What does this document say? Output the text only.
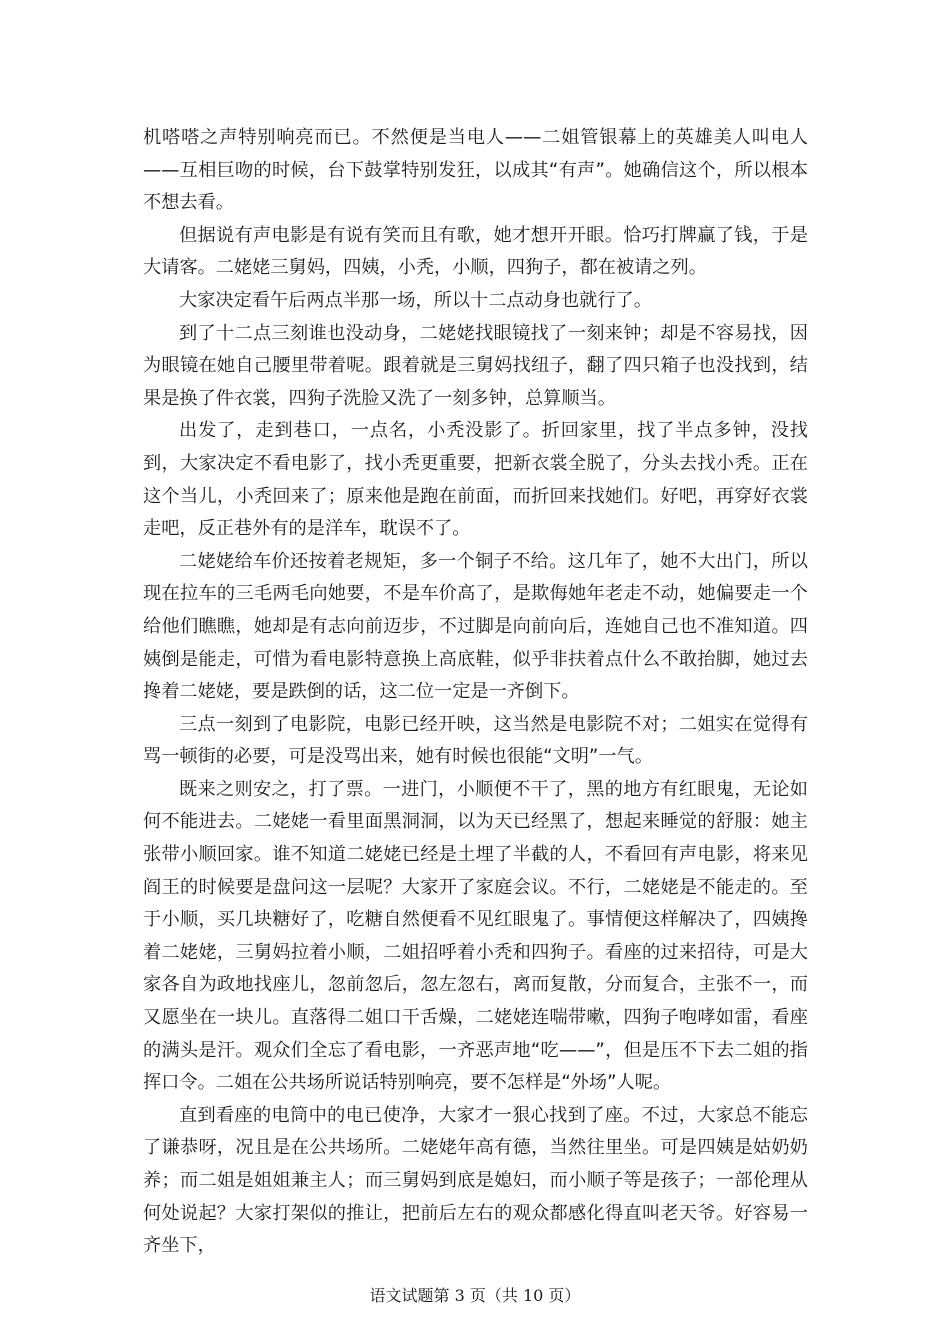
机嗒嗒之声特别响亮而已。不然便是当电人——二姐管银幕上的英雄美人叫电人——互相巨吻的时候，台下鼓掌特别发狂，以成其“有声”。她确信这个，所以根本不想去看。

但据说有声电影是有说有笑而且有歌，她才想开开眼。恰巧打牌赢了钱，于是大请客。二姥姥三舅妈，四姨，小秃，小顺，四狗子，都在被请之列。

大家决定看午后两点半那一场，所以十二点动身也就行了。

到了十二点三刻谁也没动身，二姥姥找眼镜找了一刻来钟；却是不容易找，因为眼镜在她自己腰里带着呢。跟着就是三舅妈找纽子，翻了四只箱子也没找到，结果是换了件衣裳，四狗子洗脸又洗了一刻多钟，总算顺当。

出发了，走到巷口，一点名，小秃没影了。折回家里，找了半点多钟，没找到，大家决定不看电影了，找小秃更重要，把新衣裳全脱了，分头去找小秃。正在这个当儿，小秃回来了；原来他是跑在前面，而折回来找她们。好吧，再穿好衣裳走吧，反正巷外有的是洋车，耽误不了。

二姥姥给车价还按着老规矩，多一个铜子不给。这几年了，她不大出门，所以现在拉车的三毛两毛向她要，不是车价高了，是欺侮她年老走不动，她偏要走一个给他们瞧瞧，她却是有志向前迈步，不过脚是向前向后，连她自己也不准知道。四姨倒是能走，可惜为看电影特意换上高底鞋，似乎非扶着点什么不敢抬脚，她过去搀着二姥姥，要是跌倒的话，这二位一定是一齐倒下。

三点一刻到了电影院，电影已经开映，这当然是电影院不对；二姐实在觉得有骂一顿街的必要，可是没骂出来，她有时候也很能“文明”一气。

既来之则安之，打了票。一进门，小顺便不干了，黑的地方有红眼鬼，无论如何不能进去。二姥姥一看里面黑洞洞，以为天已经黑了，想起来睡觉的舒服：她主张带小顺回家。谁不知道二姥姥已经是土埋了半截的人，不看回有声电影，将来见阎王的时候要是盘问这一层呢？大家开了家庭会议。不行，二姥姥是不能走的。至于小顺，买几块糖好了，吃糖自然便看不见红眼鬼了。事情便这样解决了，四姨搀着二姥姥，三舅妈拉着小顺，二姐招呼着小秃和四狗子。看座的过来招待，可是大家各自为政地找座儿，忽前忽后，忽左忽右，离而复散，分而复合，主张不一，而又愿坐在一块儿。直落得二姐口干舌燥，二姥姥连喘带嗽，四狗子咆哮如雷，看座的满头是汗。观众们全忘了看电影，一齐恶声地“吃——”，但是压不下去二姐的指挥口令。二姐在公共场所说话特别响亮，要不怎样是“外场”人呢。

直到看座的电筒中的电已使净，大家才一狠心找到了座。不过，大家总不能忘了谦恭呀，况且是在公共场所。二姥姥年高有德，当然往里坐。可是四姨是姑奶奶养；而二姐是姐姐兼主人；而三舅妈到底是媳妇，而小顺子等是孩子；一部伦理从何处说起？大家打架似的推让，把前后左右的观众都感化得直叫老天爷。好容易一齐坐下，

语文试题第 3 页（共 10 页）
